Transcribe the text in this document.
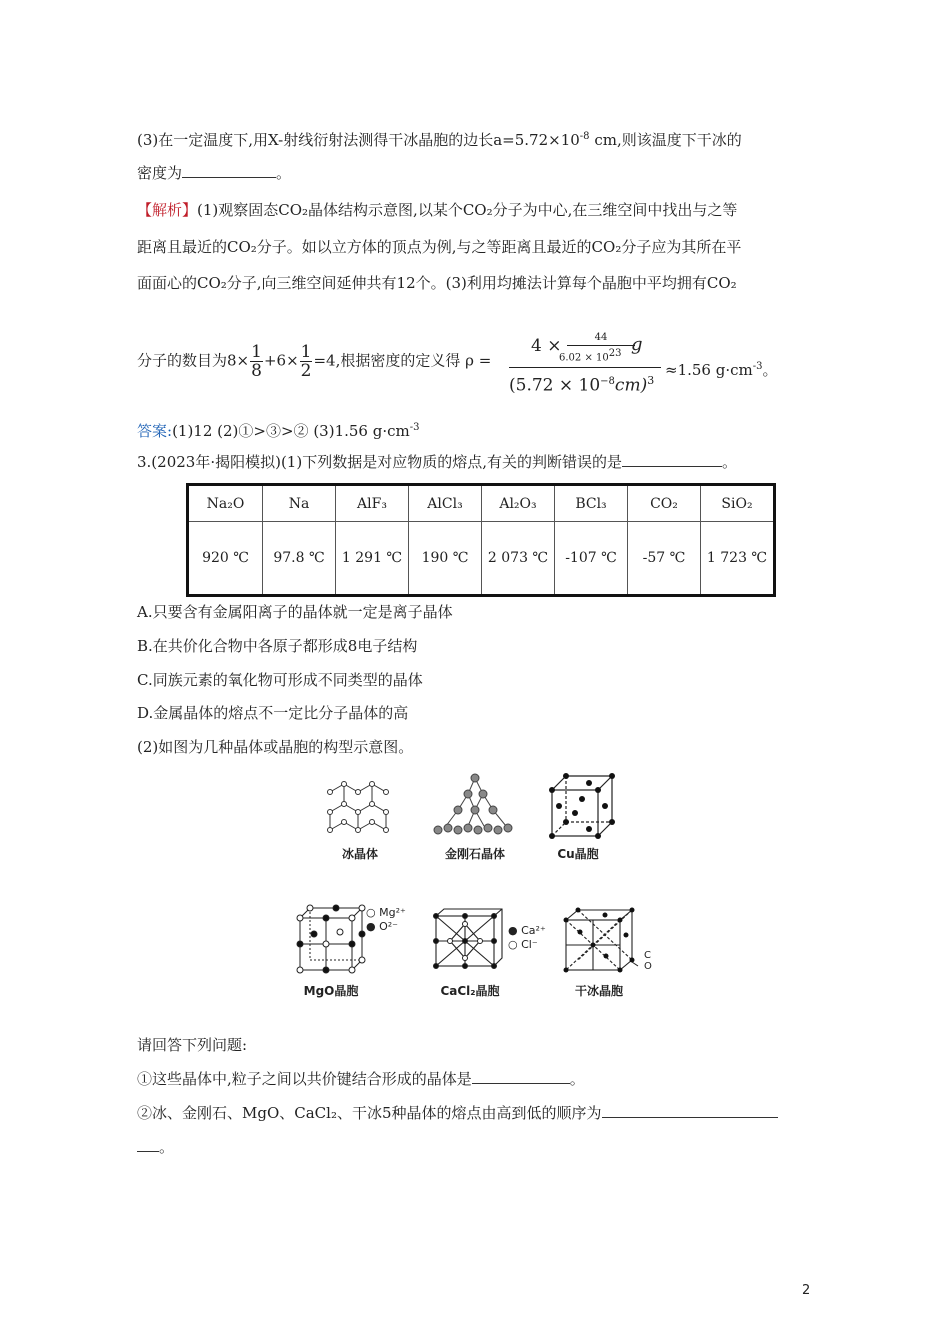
(3)在一定温度下,用X-射线衍射法测得干冰晶胞的边长$a=5.72\times 10^{-8}$ cm,则该温度下干冰的
密度为	。
【解析】(1)观察固态CO₂晶体结构示意图,以某个CO₂分子为中心,在三维空间中找出与之等
距离且最近的CO₂分子。如以立方体的顶点为例,与之等距离且最近的CO₂分子应为其所在平
面面心的CO₂分子,向三维空间延伸共有12个。(3)利用均摊法计算每个晶胞中平均拥有CO₂
分子的数目为$8\times \frac{1}{8} +6\times \frac{1}{2} =4$,根据密度的定义得 ρ =
4 ×	44
$6.02 \times 10^{23}$ g
$(5.72 \times 10^{-8}cm)^3$
≈1.56 $g\cdot cm^{-3}$。
答案:(1)12 (2)①>③>② (3)1.56 $g\cdot cm^{-3}$
3.(2023年·揭阳模拟)(1)下列数据是对应物质的熔点,有关的判断错误的是	。
Na₂O	Na	AlF₃	AlCl₃	Al₂O₃	BCl₃	CO₂	SiO₂
920 ℃	97.8 ℃	1 291 ℃	190 ℃	2 073 ℃	-107 ℃	-57 ℃	1 723 ℃
A.只要含有金属阳离子的晶体就一定是离子晶体
B.在共价化合物中各原子都形成8电子结构
C.同族元素的氧化物可形成不同类型的晶体
D.金属晶体的熔点不一定比分子晶体的高
(2)如图为几种晶体或晶胞的构型示意图。
冰晶体	金刚石晶体	Cu晶胞
○ Mg²⁺
● O²⁻
MgO晶胞
● Ca²⁺
○ Cl⁻
CaCl₂晶胞
C
O
干冰晶胞
请回答下列问题:
①这些晶体中,粒子之间以共价键结合形成的晶体是	。
②冰、金刚石、MgO、CaCl₂、干冰5种晶体的熔点由高到低的顺序为
。
2
